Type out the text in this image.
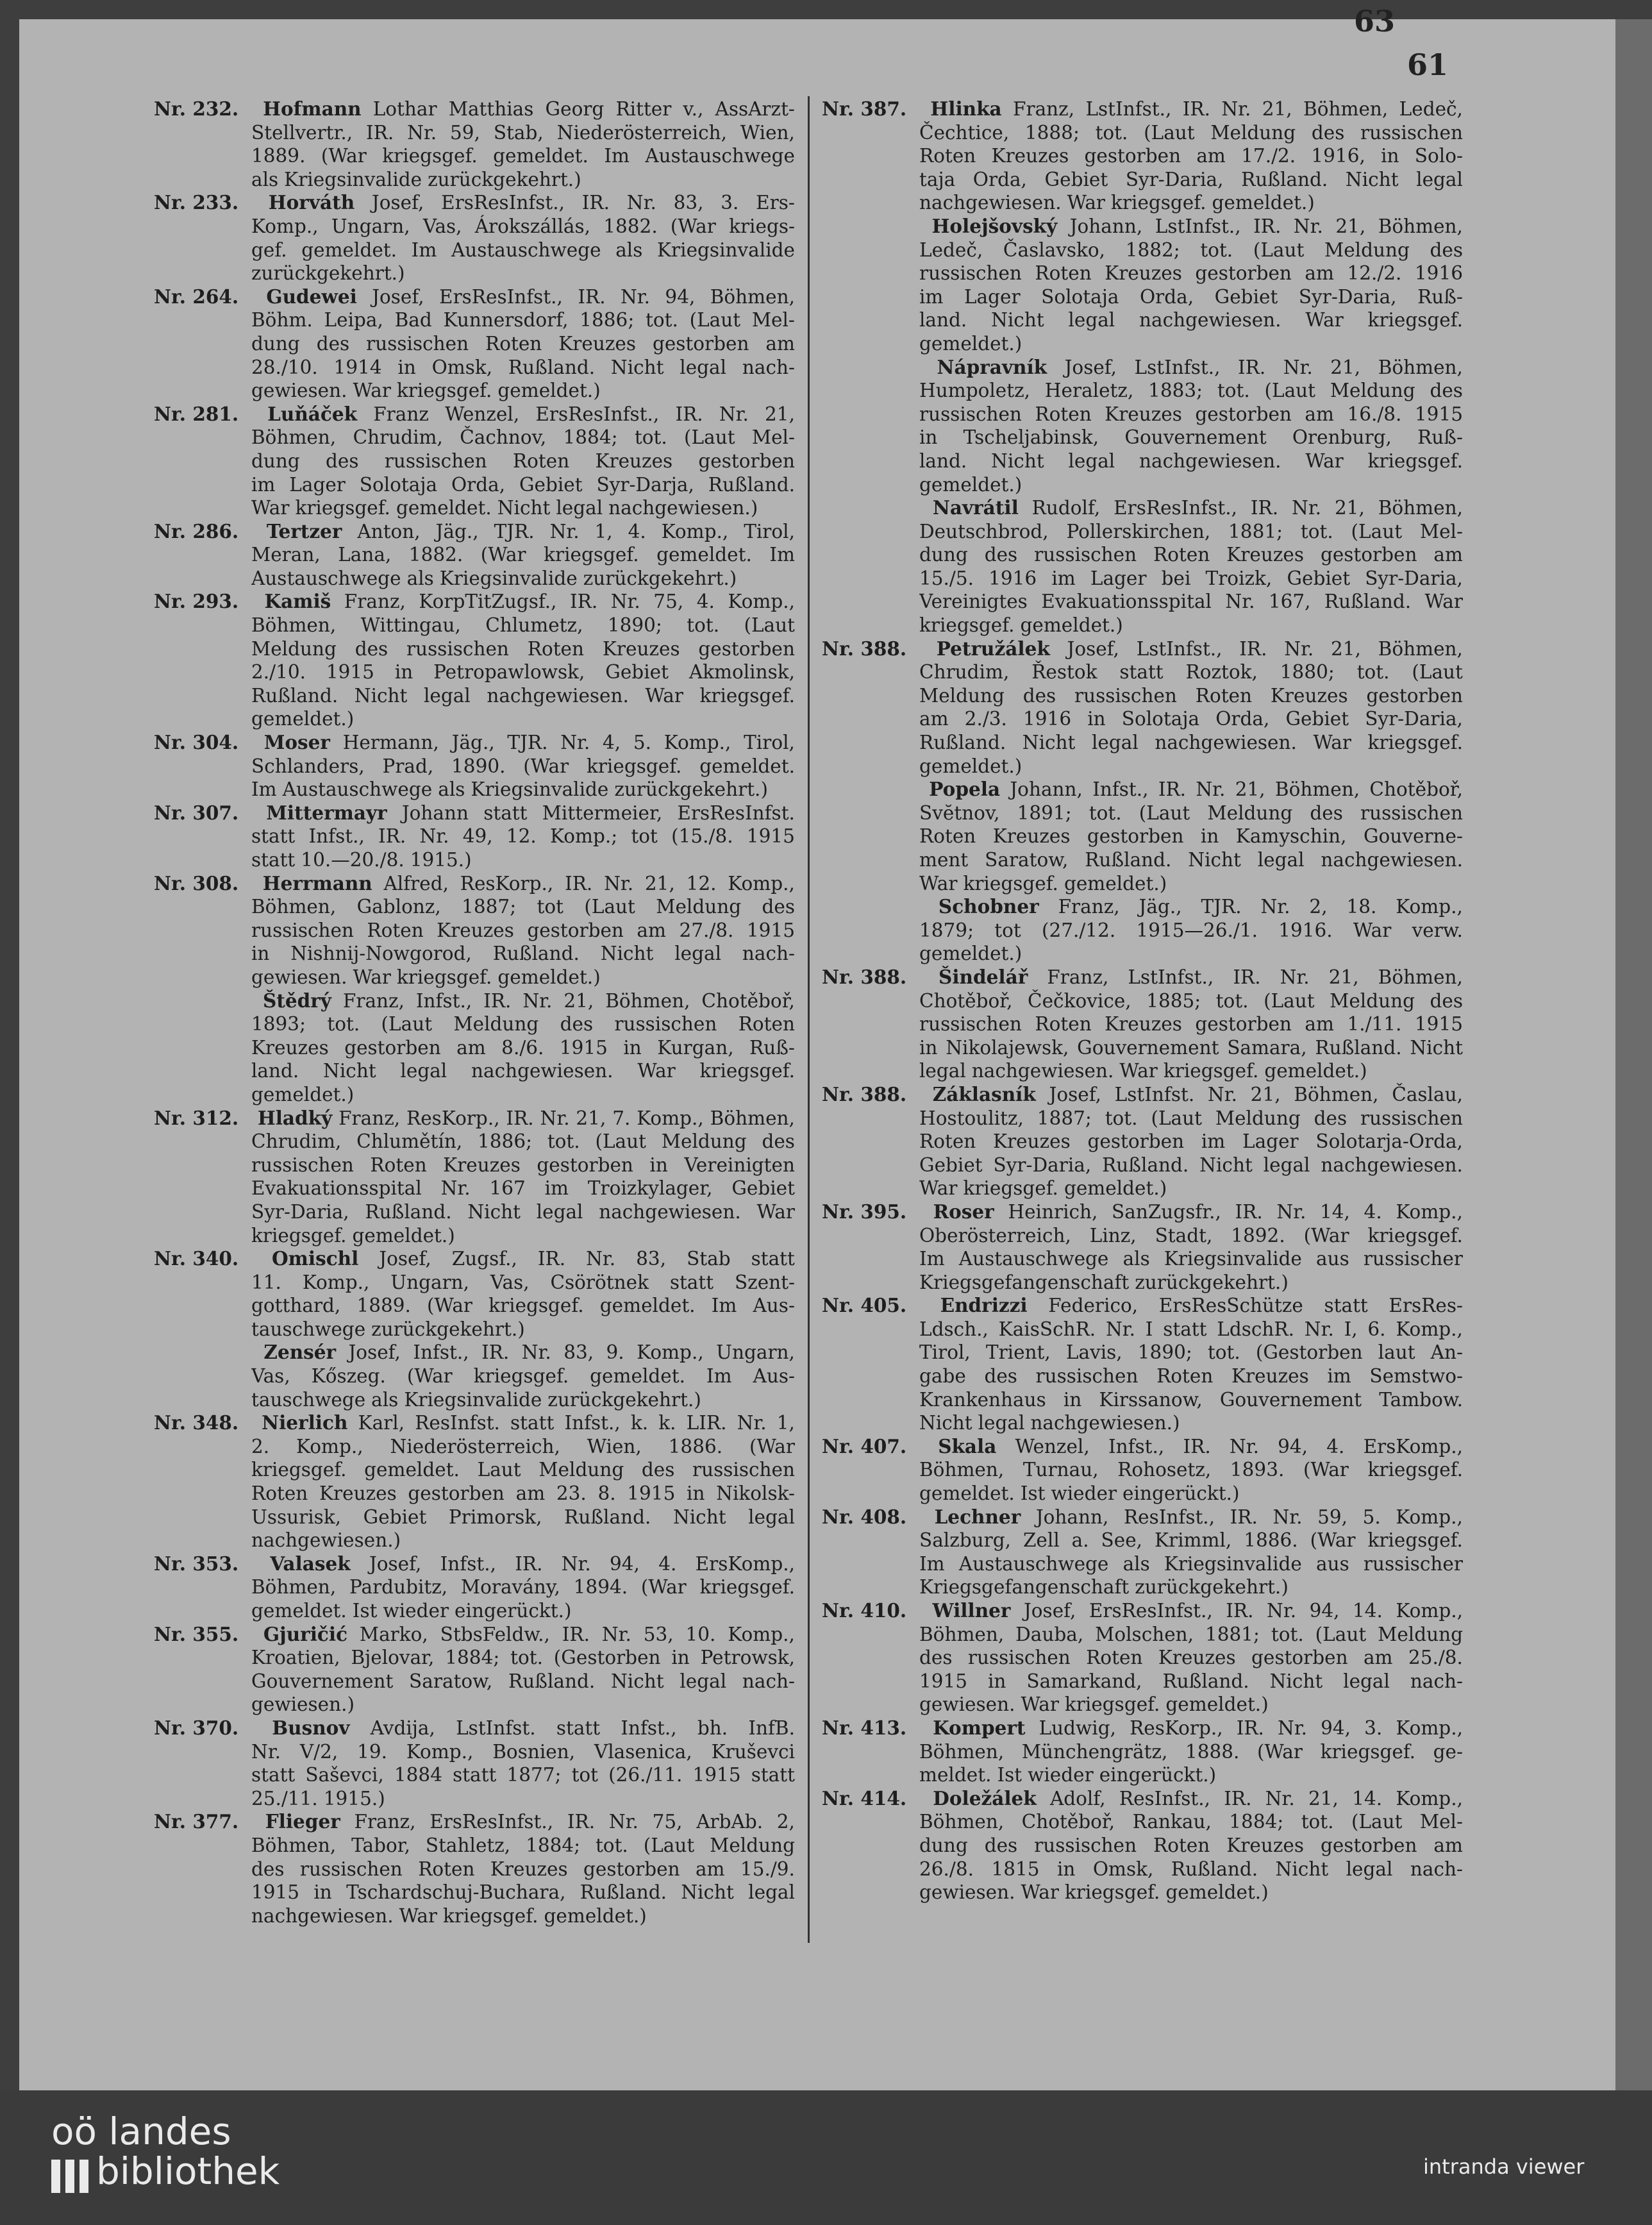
63
61
Nr. 232.	Hofmann Lothar Matthias Georg Ritter v., AssArzt-
Stellvertr., IR. Nr. 59, Stab, Niederösterreich, Wien,
1889. (War kriegsgef. gemeldet. Im Austauschwege
als Kriegsinvalide zurückgekehrt.)
Nr. 233.	Horváth Josef, ErsResInfst., IR. Nr. 83, 3. Ers-
Komp., Ungarn, Vas, Árokszállás, 1882. (War kriegs-
gef. gemeldet. Im Austauschwege als Kriegsinvalide
zurückgekehrt.)
Nr. 264.	Gudewei Josef, ErsResInfst., IR. Nr. 94, Böhmen,
Böhm. Leipa, Bad Kunnersdorf, 1886; tot. (Laut Mel-
dung des russischen Roten Kreuzes gestorben am
28./10. 1914 in Omsk, Rußland. Nicht legal nach-
gewiesen. War kriegsgef. gemeldet.)
Nr. 281.	Luňáček Franz Wenzel, ErsResInfst., IR. Nr. 21,
Böhmen, Chrudim, Čachnov, 1884; tot. (Laut Mel-
dung des russischen Roten Kreuzes gestorben
im Lager Solotaja Orda, Gebiet Syr-Darja, Rußland.
War kriegsgef. gemeldet. Nicht legal nachgewiesen.)
Nr. 286.	Tertzer Anton, Jäg., TJR. Nr. 1, 4. Komp., Tirol,
Meran, Lana, 1882. (War kriegsgef. gemeldet. Im
Austauschwege als Kriegsinvalide zurückgekehrt.)
Nr. 293.	Kamiš Franz, KorpTitZugsf., IR. Nr. 75, 4. Komp.,
Böhmen, Wittingau, Chlumetz, 1890; tot. (Laut
Meldung des russischen Roten Kreuzes gestorben
2./10. 1915 in Petropawlowsk, Gebiet Akmolinsk,
Rußland. Nicht legal nachgewiesen. War kriegsgef.
gemeldet.)
Nr. 304.	Moser Hermann, Jäg., TJR. Nr. 4, 5. Komp., Tirol,
Schlanders, Prad, 1890. (War kriegsgef. gemeldet.
Im Austauschwege als Kriegsinvalide zurückgekehrt.)
Nr. 307.	Mittermayr Johann statt Mittermeier, ErsResInfst.
statt Infst., IR. Nr. 49, 12. Komp.; tot (15./8. 1915
statt 10.—20./8. 1915.)
Nr. 308.	Herrmann Alfred, ResKorp., IR. Nr. 21, 12. Komp.,
Böhmen, Gablonz, 1887; tot (Laut Meldung des
russischen Roten Kreuzes gestorben am 27./8. 1915
in Nishnij-Nowgorod, Rußland. Nicht legal nach-
gewiesen. War kriegsgef. gemeldet.)
Štědrý Franz, Infst., IR. Nr. 21, Böhmen, Chotěboř,
1893; tot. (Laut Meldung des russischen Roten
Kreuzes gestorben am 8./6. 1915 in Kurgan, Ruß-
land. Nicht legal nachgewiesen. War kriegsgef.
gemeldet.)
Nr. 312.	Hladký Franz, ResKorp., IR. Nr. 21, 7. Komp., Böhmen,
Chrudim, Chlumětín, 1886; tot. (Laut Meldung des
russischen Roten Kreuzes gestorben in Vereinigten
Evakuationsspital Nr. 167 im Troizkylager, Gebiet
Syr-Daria, Rußland. Nicht legal nachgewiesen. War
kriegsgef. gemeldet.)
Nr. 340.	Omischl Josef, Zugsf., IR. Nr. 83, Stab statt
11. Komp., Ungarn, Vas, Csörötnek statt Szent-
gotthard, 1889. (War kriegsgef. gemeldet. Im Aus-
tauschwege zurückgekehrt.)
Zensér Josef, Infst., IR. Nr. 83, 9. Komp., Ungarn,
Vas, Kőszeg. (War kriegsgef. gemeldet. Im Aus-
tauschwege als Kriegsinvalide zurückgekehrt.)
Nr. 348.	Nierlich Karl, ResInfst. statt Infst., k. k. LIR. Nr. 1,
2. Komp., Niederösterreich, Wien, 1886. (War
kriegsgef. gemeldet. Laut Meldung des russischen
Roten Kreuzes gestorben am 23. 8. 1915 in Nikolsk-
Ussurisk, Gebiet Primorsk, Rußland. Nicht legal
nachgewiesen.)
Nr. 353.	Valasek Josef, Infst., IR. Nr. 94, 4. ErsKomp.,
Böhmen, Pardubitz, Moravány, 1894. (War kriegsgef.
gemeldet. Ist wieder eingerückt.)
Nr. 355.	Gjuričić Marko, StbsFeldw., IR. Nr. 53, 10. Komp.,
Kroatien, Bjelovar, 1884; tot. (Gestorben in Petrowsk,
Gouvernement Saratow, Rußland. Nicht legal nach-
gewiesen.)
Nr. 370.	Busnov Avdija, LstInfst. statt Infst., bh. InfB.
Nr. V/2, 19. Komp., Bosnien, Vlasenica, Kruševci
statt Saševci, 1884 statt 1877; tot (26./11. 1915 statt
25./11. 1915.)
Nr. 377.	Flieger Franz, ErsResInfst., IR. Nr. 75, ArbAb. 2,
Böhmen, Tabor, Stahletz, 1884; tot. (Laut Meldung
des russischen Roten Kreuzes gestorben am 15./9.
1915 in Tschardschuj-Buchara, Rußland. Nicht legal
nachgewiesen. War kriegsgef. gemeldet.)
Nr. 387.	Hlinka Franz, LstInfst., IR. Nr. 21, Böhmen, Ledeč,
Čechtice, 1888; tot. (Laut Meldung des russischen
Roten Kreuzes gestorben am 17./2. 1916, in Solo-
taja Orda, Gebiet Syr-Daria, Rußland. Nicht legal
nachgewiesen. War kriegsgef. gemeldet.)
Holejšovský Johann, LstInfst., IR. Nr. 21, Böhmen,
Ledeč, Časlavsko, 1882; tot. (Laut Meldung des
russischen Roten Kreuzes gestorben am 12./2. 1916
im Lager Solotaja Orda, Gebiet Syr-Daria, Ruß-
land. Nicht legal nachgewiesen. War kriegsgef.
gemeldet.)
Nápravník Josef, LstInfst., IR. Nr. 21, Böhmen,
Humpoletz, Heraletz, 1883; tot. (Laut Meldung des
russischen Roten Kreuzes gestorben am 16./8. 1915
in Tscheljabinsk, Gouvernement Orenburg, Ruß-
land. Nicht legal nachgewiesen. War kriegsgef.
gemeldet.)
Navrátil Rudolf, ErsResInfst., IR. Nr. 21, Böhmen,
Deutschbrod, Pollerskirchen, 1881; tot. (Laut Mel-
dung des russischen Roten Kreuzes gestorben am
15./5. 1916 im Lager bei Troizk, Gebiet Syr-Daria,
Vereinigtes Evakuationsspital Nr. 167, Rußland. War
kriegsgef. gemeldet.)
Nr. 388.	Petružálek Josef, LstInfst., IR. Nr. 21, Böhmen,
Chrudim, Řestok statt Roztok, 1880; tot. (Laut
Meldung des russischen Roten Kreuzes gestorben
am 2./3. 1916 in Solotaja Orda, Gebiet Syr-Daria,
Rußland. Nicht legal nachgewiesen. War kriegsgef.
gemeldet.)
Popela Johann, Infst., IR. Nr. 21, Böhmen, Chotěboř,
Svĕtnov, 1891; tot. (Laut Meldung des russischen
Roten Kreuzes gestorben in Kamyschin, Gouverne-
ment Saratow, Rußland. Nicht legal nachgewiesen.
War kriegsgef. gemeldet.)
Schobner Franz, Jäg., TJR. Nr. 2, 18. Komp.,
1879; tot (27./12. 1915—26./1. 1916. War verw.
gemeldet.)
Nr. 388.	Šindelář Franz, LstInfst., IR. Nr. 21, Böhmen,
Chotěboř, Čečkovice, 1885; tot. (Laut Meldung des
russischen Roten Kreuzes gestorben am 1./11. 1915
in Nikolajewsk, Gouvernement Samara, Rußland. Nicht
legal nachgewiesen. War kriegsgef. gemeldet.)
Nr. 388.	Záklasník Josef, LstInfst. Nr. 21, Böhmen, Časlau,
Hostoulitz, 1887; tot. (Laut Meldung des russischen
Roten Kreuzes gestorben im Lager Solotarja-Orda,
Gebiet Syr-Daria, Rußland. Nicht legal nachgewiesen.
War kriegsgef. gemeldet.)
Nr. 395.	Roser Heinrich, SanZugsfr., IR. Nr. 14, 4. Komp.,
Oberösterreich, Linz, Stadt, 1892. (War kriegsgef.
Im Austauschwege als Kriegsinvalide aus russischer
Kriegsgefangenschaft zurückgekehrt.)
Nr. 405.	Endrizzi Federico, ErsResSchütze statt ErsRes-
Ldsch., KaisSchR. Nr. I statt LdschR. Nr. I, 6. Komp.,
Tirol, Trient, Lavis, 1890; tot. (Gestorben laut An-
gabe des russischen Roten Kreuzes im Semstwo-
Krankenhaus in Kirssanow, Gouvernement Tambow.
Nicht legal nachgewiesen.)
Nr. 407.	Skala Wenzel, Infst., IR. Nr. 94, 4. ErsKomp.,
Böhmen, Turnau, Rohosetz, 1893. (War kriegsgef.
gemeldet. Ist wieder eingerückt.)
Nr. 408.	Lechner Johann, ResInfst., IR. Nr. 59, 5. Komp.,
Salzburg, Zell a. See, Krimml, 1886. (War kriegsgef.
Im Austauschwege als Kriegsinvalide aus russischer
Kriegsgefangenschaft zurückgekehrt.)
Nr. 410.	Willner Josef, ErsResInfst., IR. Nr. 94, 14. Komp.,
Böhmen, Dauba, Molschen, 1881; tot. (Laut Meldung
des russischen Roten Kreuzes gestorben am 25./8.
1915 in Samarkand, Rußland. Nicht legal nach-
gewiesen. War kriegsgef. gemeldet.)
Nr. 413.	Kompert Ludwig, ResKorp., IR. Nr. 94, 3. Komp.,
Böhmen, Münchengrätz, 1888. (War kriegsgef. ge-
meldet. Ist wieder eingerückt.)
Nr. 414.	Doležálek Adolf, ResInfst., IR. Nr. 21, 14. Komp.,
Böhmen, Chotěboř, Rankau, 1884; tot. (Laut Mel-
dung des russischen Roten Kreuzes gestorben am
26./8. 1815 in Omsk, Rußland. Nicht legal nach-
gewiesen. War kriegsgef. gemeldet.)
oö landes
bibliothek	intranda viewer
